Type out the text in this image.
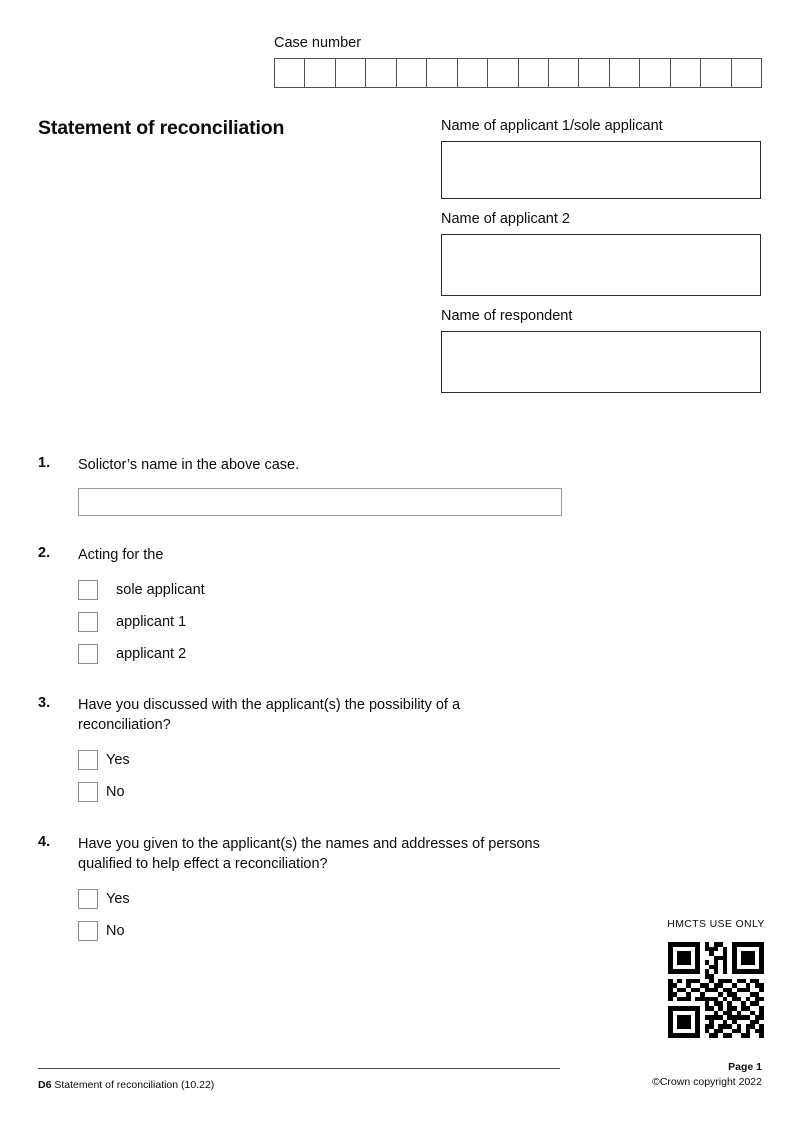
Case number
Statement of reconciliation	Name of applicant 1/sole applicant
Name of applicant 2
Name of respondent
1.	Solictor’s name in the above case.
2.	Acting for the
sole applicant
applicant 1
applicant 2
3.	Have you discussed with the applicant(s) the possibility of a reconciliation?
Yes
No
4.	Have you given to the applicant(s) the names and addresses of persons qualified to help effect a reconciliation?
Yes
No	HMCTS USE ONLY
D6 Statement of reconciliation (10.22)
Page 1
©Crown copyright 2022
